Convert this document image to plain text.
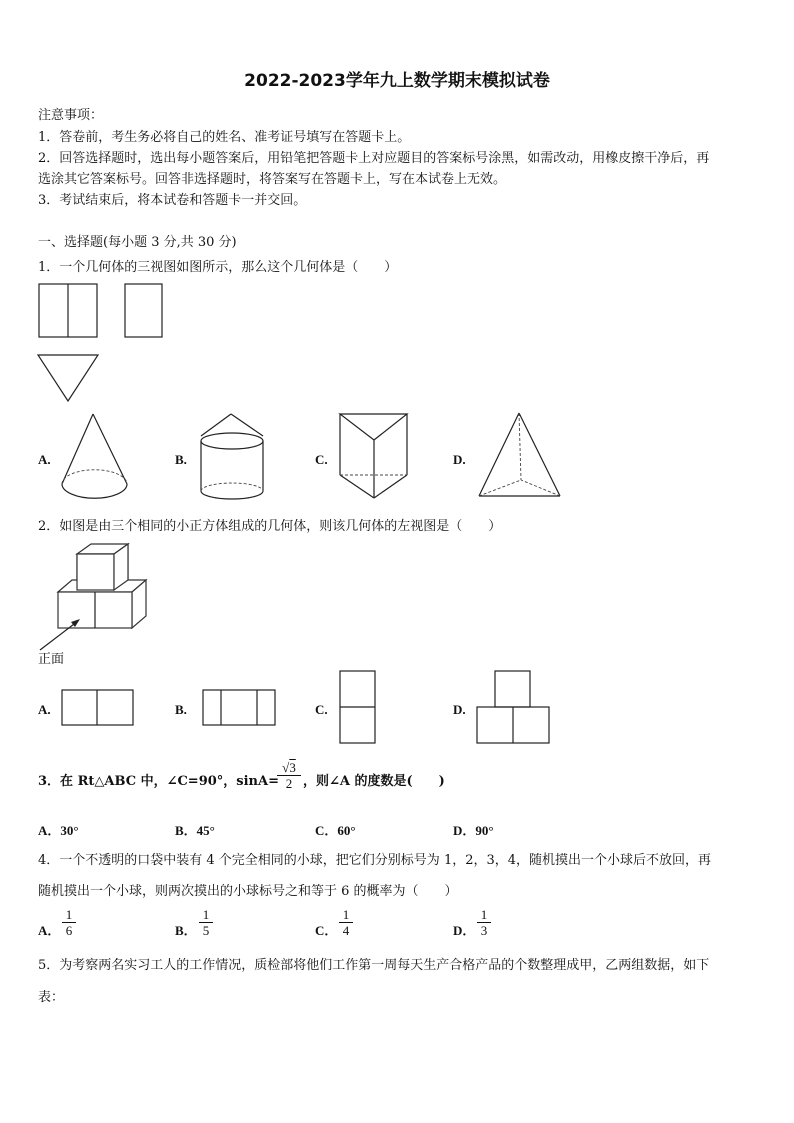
2022-2023学年九上数学期末模拟试卷
注意事项：
1．答卷前，考生务必将自己的姓名、准考证号填写在答题卡上。
2．回答选择题时，选出每小题答案后，用铅笔把答题卡上对应题目的答案标号涂黑，如需改动，用橡皮擦干净后，再
选涂其它答案标号。回答非选择题时，将答案写在答题卡上，写在本试卷上无效。
3．考试结束后，将本试卷和答题卡一并交回。
一、选择题(每小题 3 分,共 30 分)
1．一个几何体的三视图如图所示，那么这个几何体是（　　）
A.	B.	C.	D.
2．如图是由三个相同的小正方体组成的几何体，则该几何体的左视图是（　　）
正面
A.	B.	C.	D.
3．在 Rt△ABC 中，∠C=90°，sinA=
$\frac{√3}{2}$ ，则∠A 的度数是(　　)
A．30°	B．45°	C．60°	D．90°
4．一个不透明的口袋中装有 4 个完全相同的小球，把它们分别标号为 1，2，3，4，随机摸出一个小球后不放回，再
随机摸出一个小球，则两次摸出的小球标号之和等于 6 的概率为（　　）
A． $\frac{1}{6}$	B． $\frac{1}{5}$	C． $\frac{1}{4}$	D． $\frac{1}{3}$
5．为考察两名实习工人的工作情况，质检部将他们工作第一周每天生产合格产品的个数整理成甲，乙两组数据，如下
表：
